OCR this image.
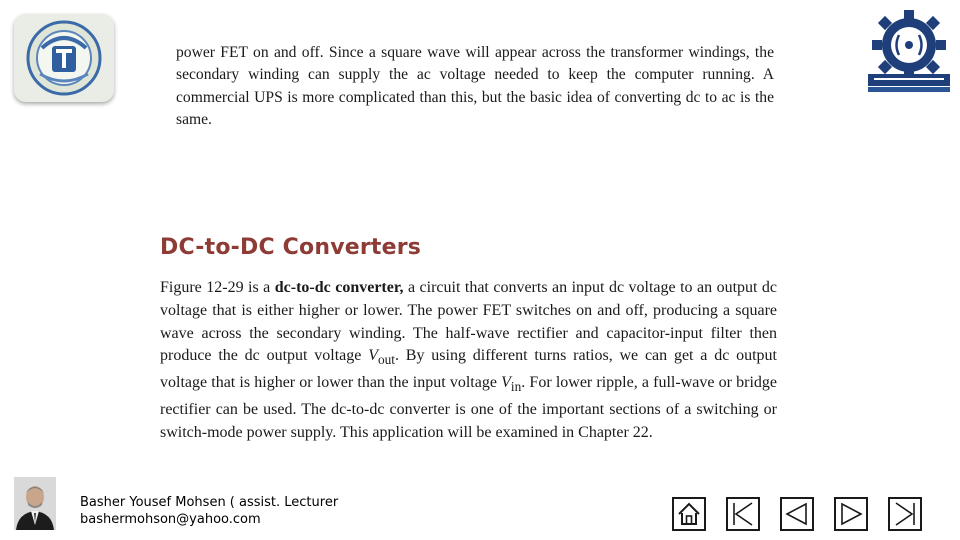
power FET on and off. Since a square wave will appear across the transformer windings, the secondary winding can supply the ac voltage needed to keep the computer running. A commercial UPS is more complicated than this, but the basic idea of converting dc to ac is the same.

DC-to-DC Converters

Figure 12-29 is a dc-to-dc converter, a circuit that converts an input dc voltage to an output dc voltage that is either higher or lower. The power FET switches on and off, producing a square wave across the secondary winding. The half-wave rectifier and capacitor-input filter then produce the dc output voltage $V_{out}$. By using different turns ratios, we can get a dc output voltage that is higher or lower than the input voltage $V_{in}$. For lower ripple, a full-wave or bridge rectifier can be used. The dc-to-dc converter is one of the important sections of a switching or switch-mode power supply. This application will be examined in Chapter 22.

Basher Yousef Mohsen ( assist. Lecturer
bashermohson@yahoo.com
